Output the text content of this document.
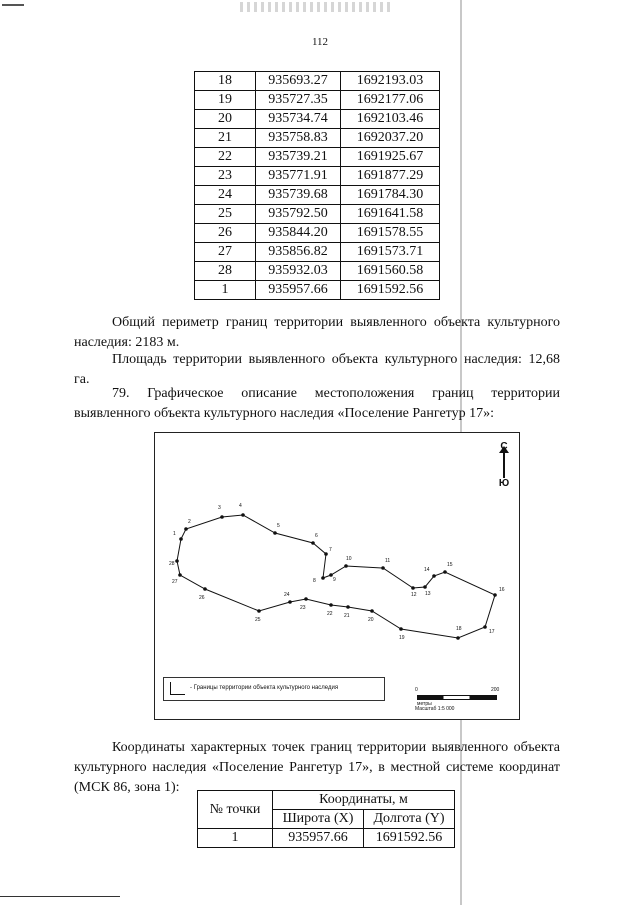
112
18	935693.27	1692193.03
19	935727.35	1692177.06
20	935734.74	1692103.46
21	935758.83	1692037.20
22	935739.21	1691925.67
23	935771.91	1691877.29
24	935739.68	1691784.30
25	935792.50	1691641.58
26	935844.20	1691578.55
27	935856.82	1691573.71
28	935932.03	1691560.58
1	935957.66	1691592.56
Общий периметр границ территории выявленного объекта культурного наследия: 2183 м.
Площадь территории выявленного объекта культурного наследия: 12,68 га.
79. Графическое описание местоположения границ территории выявленного объекта культурного наследия «Поселение Рангетур 17»:
1
2
3	4
5
6
7
8	9
10	11
12 13
14
15
16
17
18
19
20
21
22
23
24
25
26
27
28
Ю
- Границы территории объекта культурного наследия	0	200
метры
Масштаб 1:5 000
Координаты характерных точек границ территории выявленного объекта культурного наследия «Поселение Рангетур 17», в местной системе координат (МСК 86, зона 1):
№ точки	Координаты, м	
	Широта (X)	Долгота (Y)
1	935957.66	1691592.56
